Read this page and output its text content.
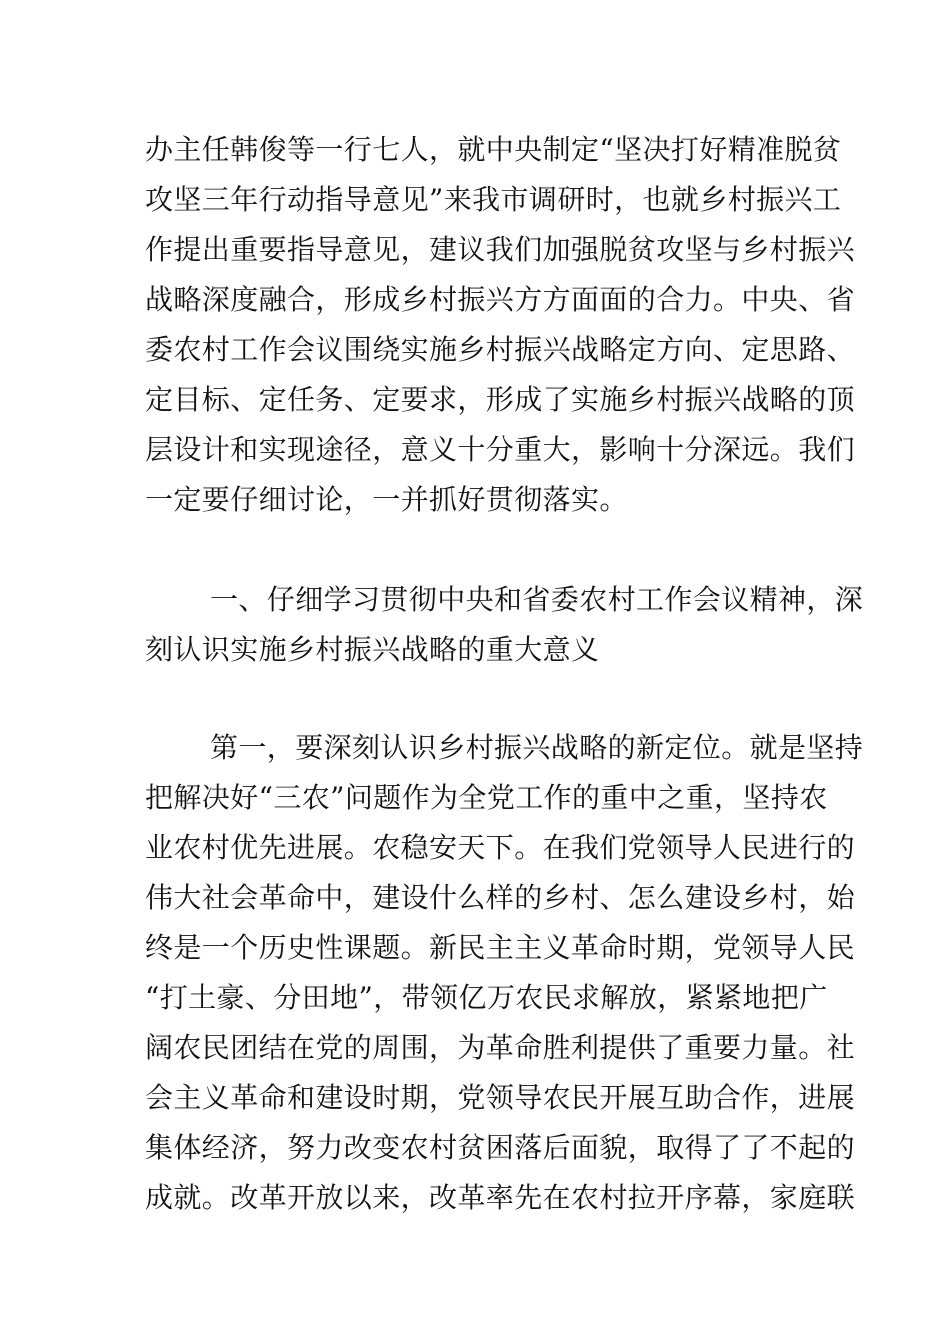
办主任韩俊等一行七人，就中央制定“坚决打好精准脱贫
攻坚三年行动指导意见”来我市调研时，也就乡村振兴工
作提出重要指导意见，建议我们加强脱贫攻坚与乡村振兴
战略深度融合，形成乡村振兴方方面面的合力。中央、省
委农村工作会议围绕实施乡村振兴战略定方向、定思路、
定目标、定任务、定要求，形成了实施乡村振兴战略的顶
层设计和实现途径，意义十分重大，影响十分深远。我们
一定要仔细讨论，一并抓好贯彻落实。
一、仔细学习贯彻中央和省委农村工作会议精神，深
刻认识实施乡村振兴战略的重大意义
第一，要深刻认识乡村振兴战略的新定位。就是坚持
把解决好“三农”问题作为全党工作的重中之重，坚持农
业农村优先进展。农稳安天下。在我们党领导人民进行的
伟大社会革命中，建设什么样的乡村、怎么建设乡村，始
终是一个历史性课题。新民主主义革命时期，党领导人民
“打土豪、分田地”，带领亿万农民求解放，紧紧地把广
阔农民团结在党的周围，为革命胜利提供了重要力量。社
会主义革命和建设时期，党领导农民开展互助合作，进展
集体经济，努力改变农村贫困落后面貌，取得了了不起的
成就。改革开放以来，改革率先在农村拉开序幕，家庭联
